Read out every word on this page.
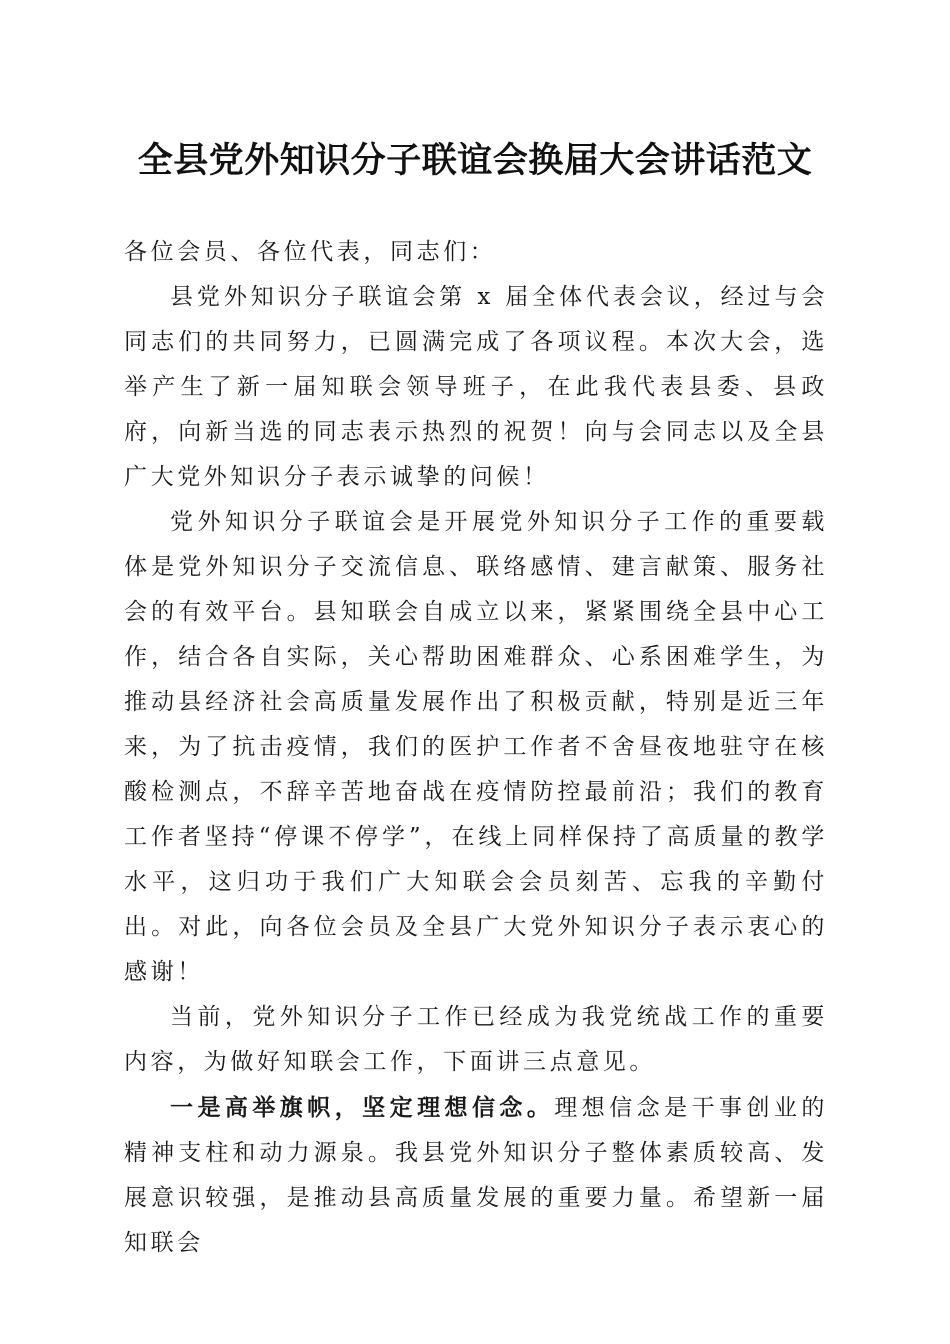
全县党外知识分子联谊会换届大会讲话范文

各位会员、各位代表，同志们：

县党外知识分子联谊会第 x 届全体代表会议，经过与会同志们的共同努力，已圆满完成了各项议程。本次大会，选举产生了新一届知联会领导班子，在此我代表县委、县政府，向新当选的同志表示热烈的祝贺！向与会同志以及全县广大党外知识分子表示诚挚的问候！

党外知识分子联谊会是开展党外知识分子工作的重要载体是党外知识分子交流信息、联络感情、建言献策、服务社会的有效平台。县知联会自成立以来，紧紧围绕全县中心工作，结合各自实际，关心帮助困难群众、心系困难学生，为推动县经济社会高质量发展作出了积极贡献，特别是近三年来，为了抗击疫情，我们的医护工作者不舍昼夜地驻守在核酸检测点，不辞辛苦地奋战在疫情防控最前沿；我们的教育工作者坚持“停课不停学”，在线上同样保持了高质量的教学水平，这归功于我们广大知联会会员刻苦、忘我的辛勤付出。对此，向各位会员及全县广大党外知识分子表示衷心的感谢！

当前，党外知识分子工作已经成为我党统战工作的重要内容，为做好知联会工作，下面讲三点意见。

一是高举旗帜，坚定理想信念。理想信念是干事创业的精神支柱和动力源泉。我县党外知识分子整体素质较高、发展意识较强，是推动县高质量发展的重要力量。希望新一届知联会
